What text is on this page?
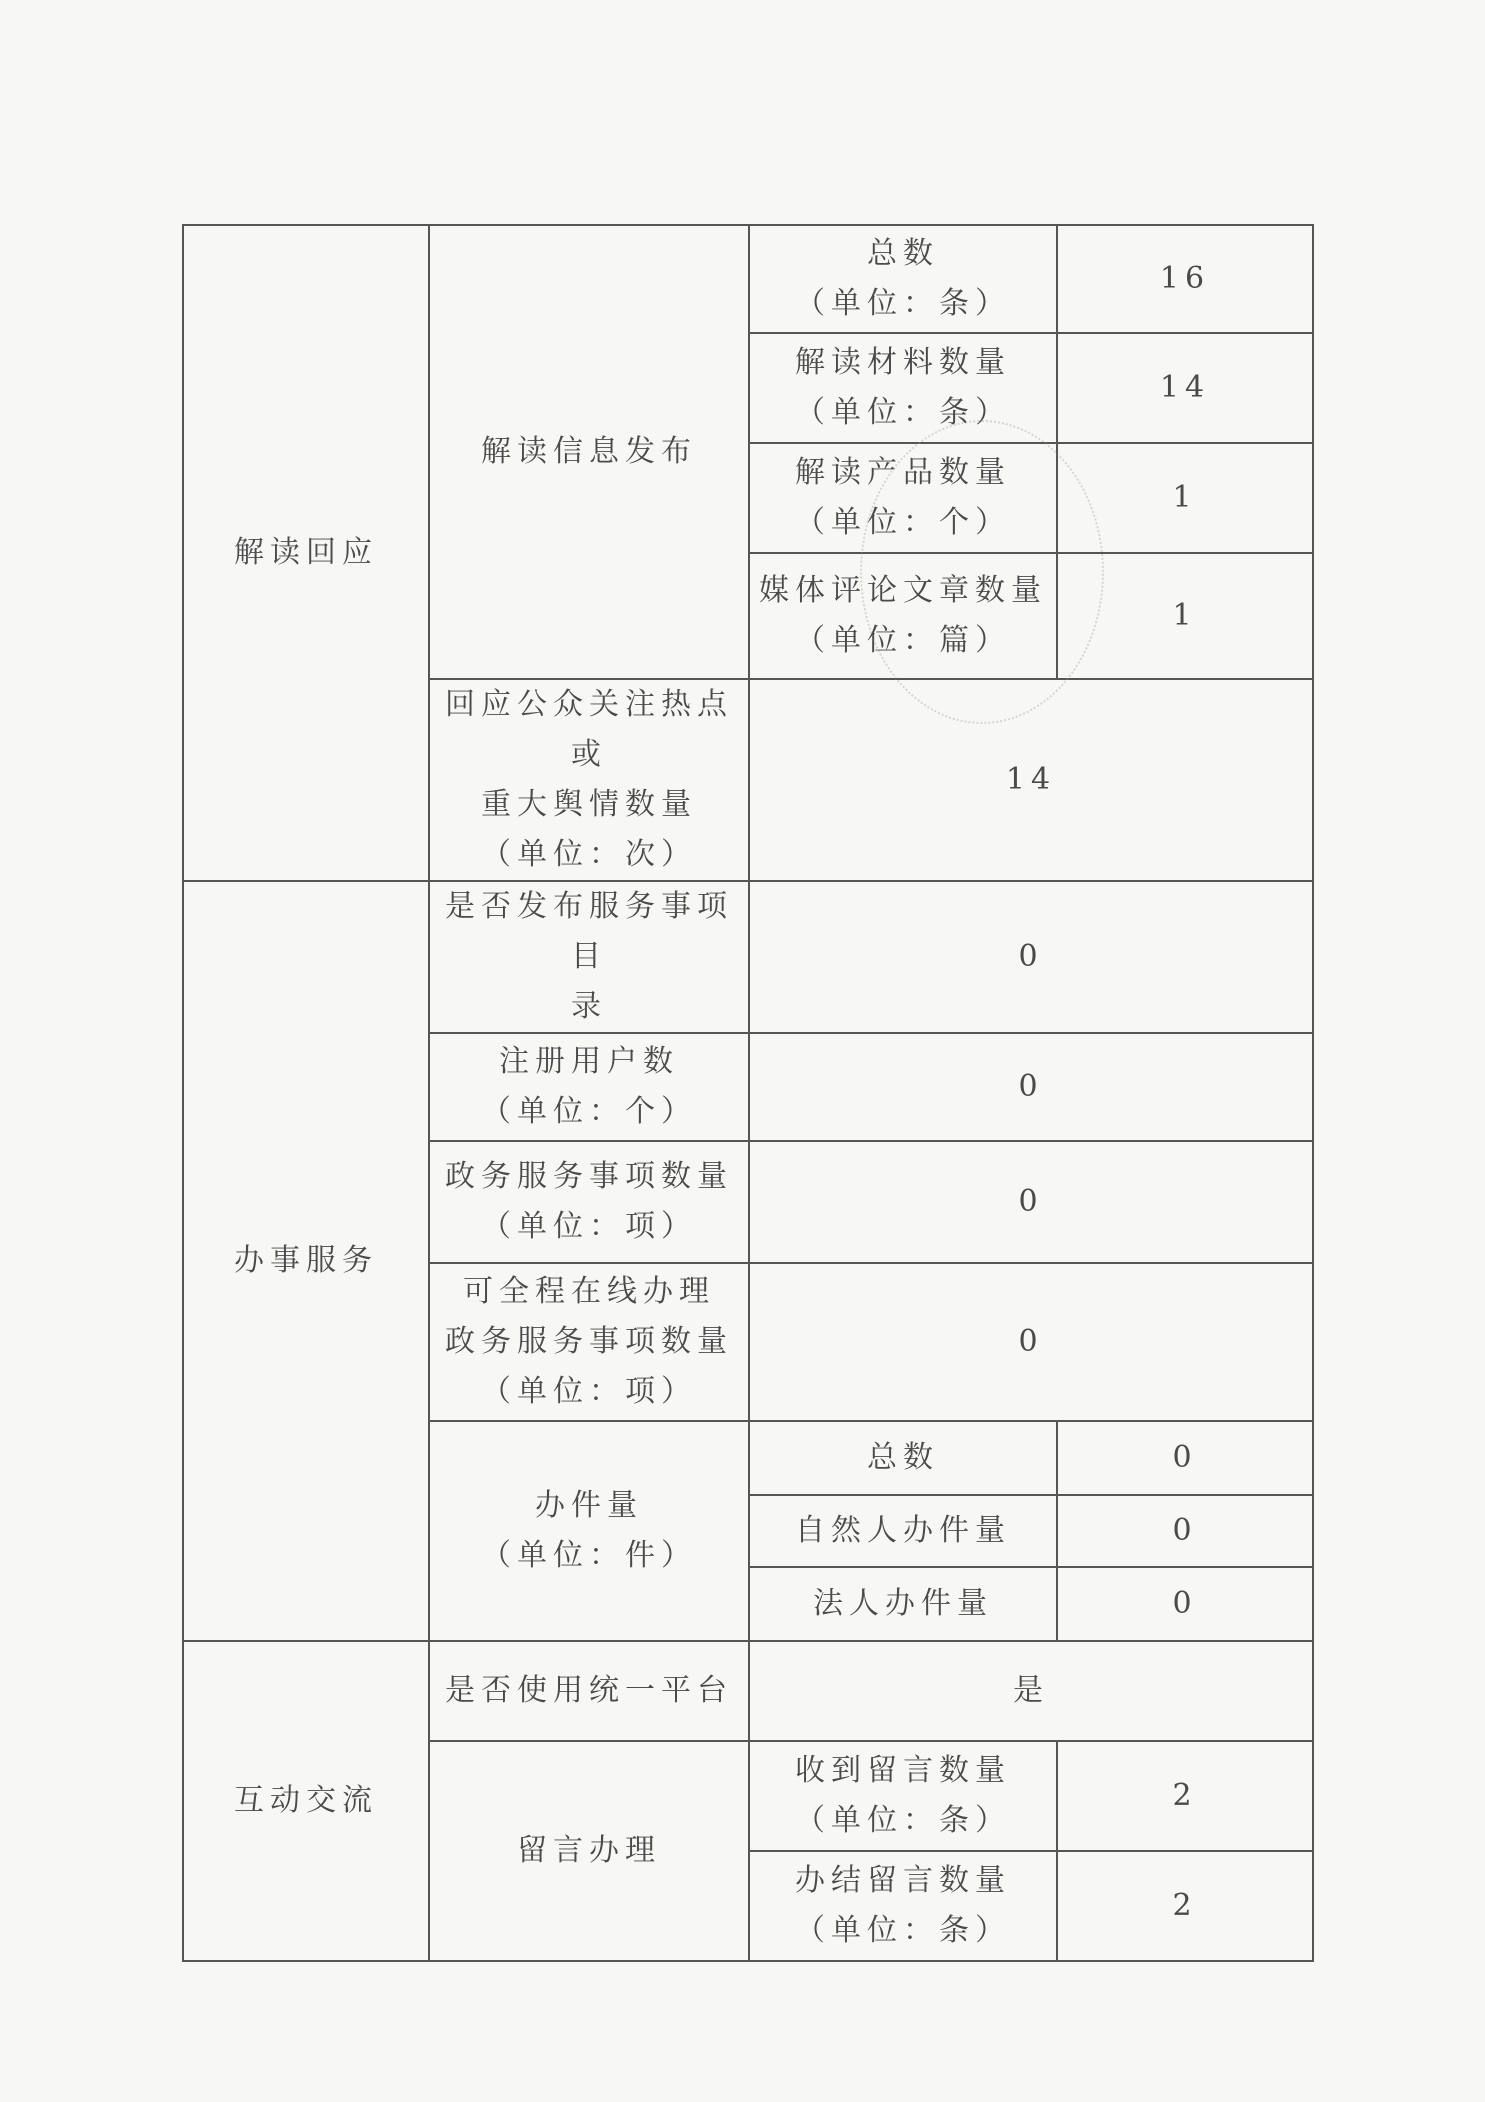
解读回应	解读信息发布	总数
（单位：条）	16

		解读材料数量
（单位：条）	14

		解读产品数量
（单位：个）	1

		媒体评论文章数量
（单位：篇）	1

	回应公众关注热点或
重大舆情数量
（单位：次）	14	
办事服务	是否发布服务事项目
录	0	

	注册用户数
（单位：个）	0	

	政务服务事项数量
（单位：项）	0	

	可全程在线办理
政务服务事项数量
（单位：项）	0	

	办件量
（单位：件）	总数	0
		自然人办件量	0
		法人办件量	0
互动交流	是否使用统一平台	是	
	留言办理	收到留言数量
（单位：条）	2

		办结留言数量
（单位：条）	2
